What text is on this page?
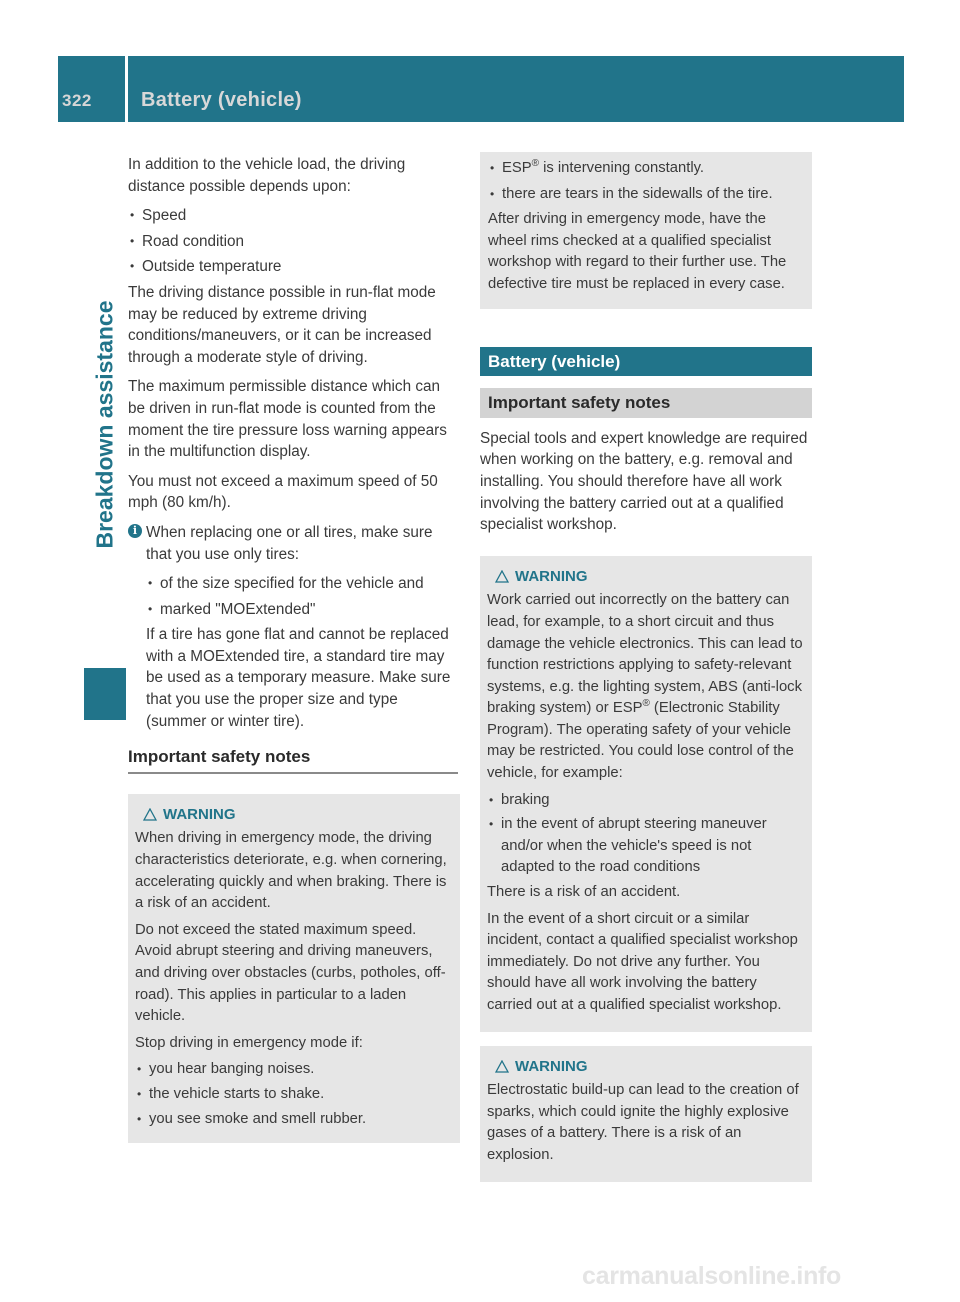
322 Battery (vehicle)
Breakdown assistance

In addition to the vehicle load, the driving distance possible depends upon:

• Speed
• Road condition
• Outside temperature

The driving distance possible in run-flat mode may be reduced by extreme driving conditions/maneuvers, or it can be increased through a moderate style of driving.

The maximum permissible distance which can be driven in run-flat mode is counted from the moment the tire pressure loss warning appears in the multifunction display.

You must not exceed a maximum speed of 50 mph (80 km/h).

i When replacing one or all tires, make sure that you use only tires:

• of the size specified for the vehicle and
• marked "MOExtended"

If a tire has gone flat and cannot be replaced with a MOExtended tire, a standard tire may be used as a temporary measure. Make sure that you use the proper size and type (summer or winter tire).

Important safety notes
WARNING

When driving in emergency mode, the driving characteristics deteriorate, e.g. when cornering, accelerating quickly and when braking. There is a risk of an accident.

Do not exceed the stated maximum speed. Avoid abrupt steering and driving maneuvers, and driving over obstacles (curbs, potholes, off-road). This applies in particular to a laden vehicle.

Stop driving in emergency mode if:

• you hear banging noises.
• the vehicle starts to shake.
• you see smoke and smell rubber.
• ESP® is intervening constantly.
• there are tears in the sidewalls of the tire.

After driving in emergency mode, have the wheel rims checked at a qualified specialist workshop with regard to their further use. The defective tire must be replaced in every case.

Battery (vehicle)
Important safety notes

Special tools and expert knowledge are required when working on the battery, e.g. removal and installing. You should therefore have all work involving the battery carried out at a qualified specialist workshop.

WARNING

Work carried out incorrectly on the battery can lead, for example, to a short circuit and thus damage the vehicle electronics. This can lead to function restrictions applying to safety-relevant systems, e.g. the lighting system, ABS (anti-lock braking system) or ESP® (Electronic Stability Program). The operating safety of your vehicle may be restricted. You could lose control of the vehicle, for example:

• braking
• in the event of abrupt steering maneuver and/or when the vehicle's speed is not adapted to the road conditions

There is a risk of an accident.

In the event of a short circuit or a similar incident, contact a qualified specialist workshop immediately. Do not drive any further. You should have all work involving the battery carried out at a qualified specialist workshop.

WARNING

Electrostatic build-up can lead to the creation of sparks, which could ignite the highly explosive gases of a battery. There is a risk of an explosion.

carmanualsonline.info
